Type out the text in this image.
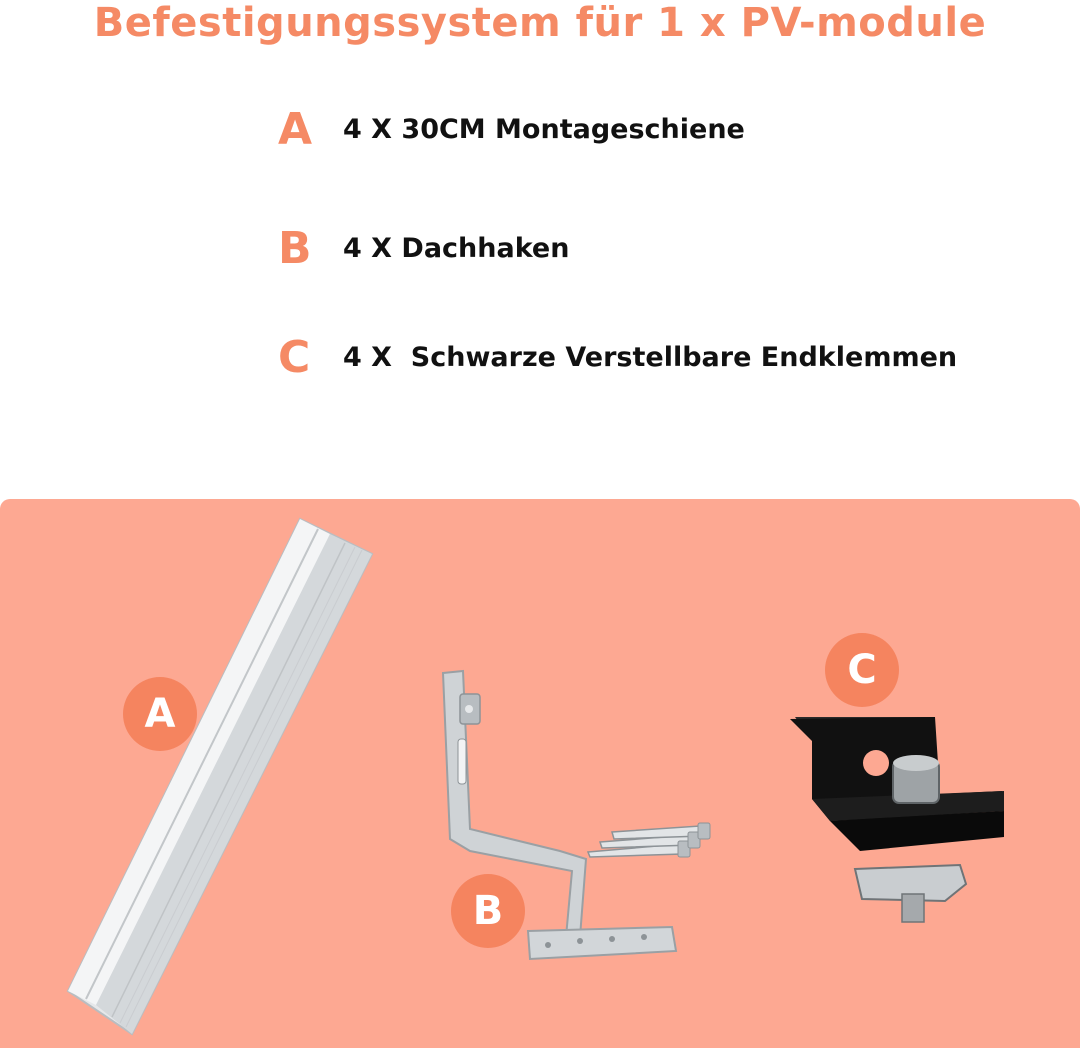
Befestigungssystem für 1 x PV-module
A	4 X 30CM Montageschiene
B	4 X Dachhaken
C	4 X  Schwarze Verstellbare Endklemmen
A
B
C
